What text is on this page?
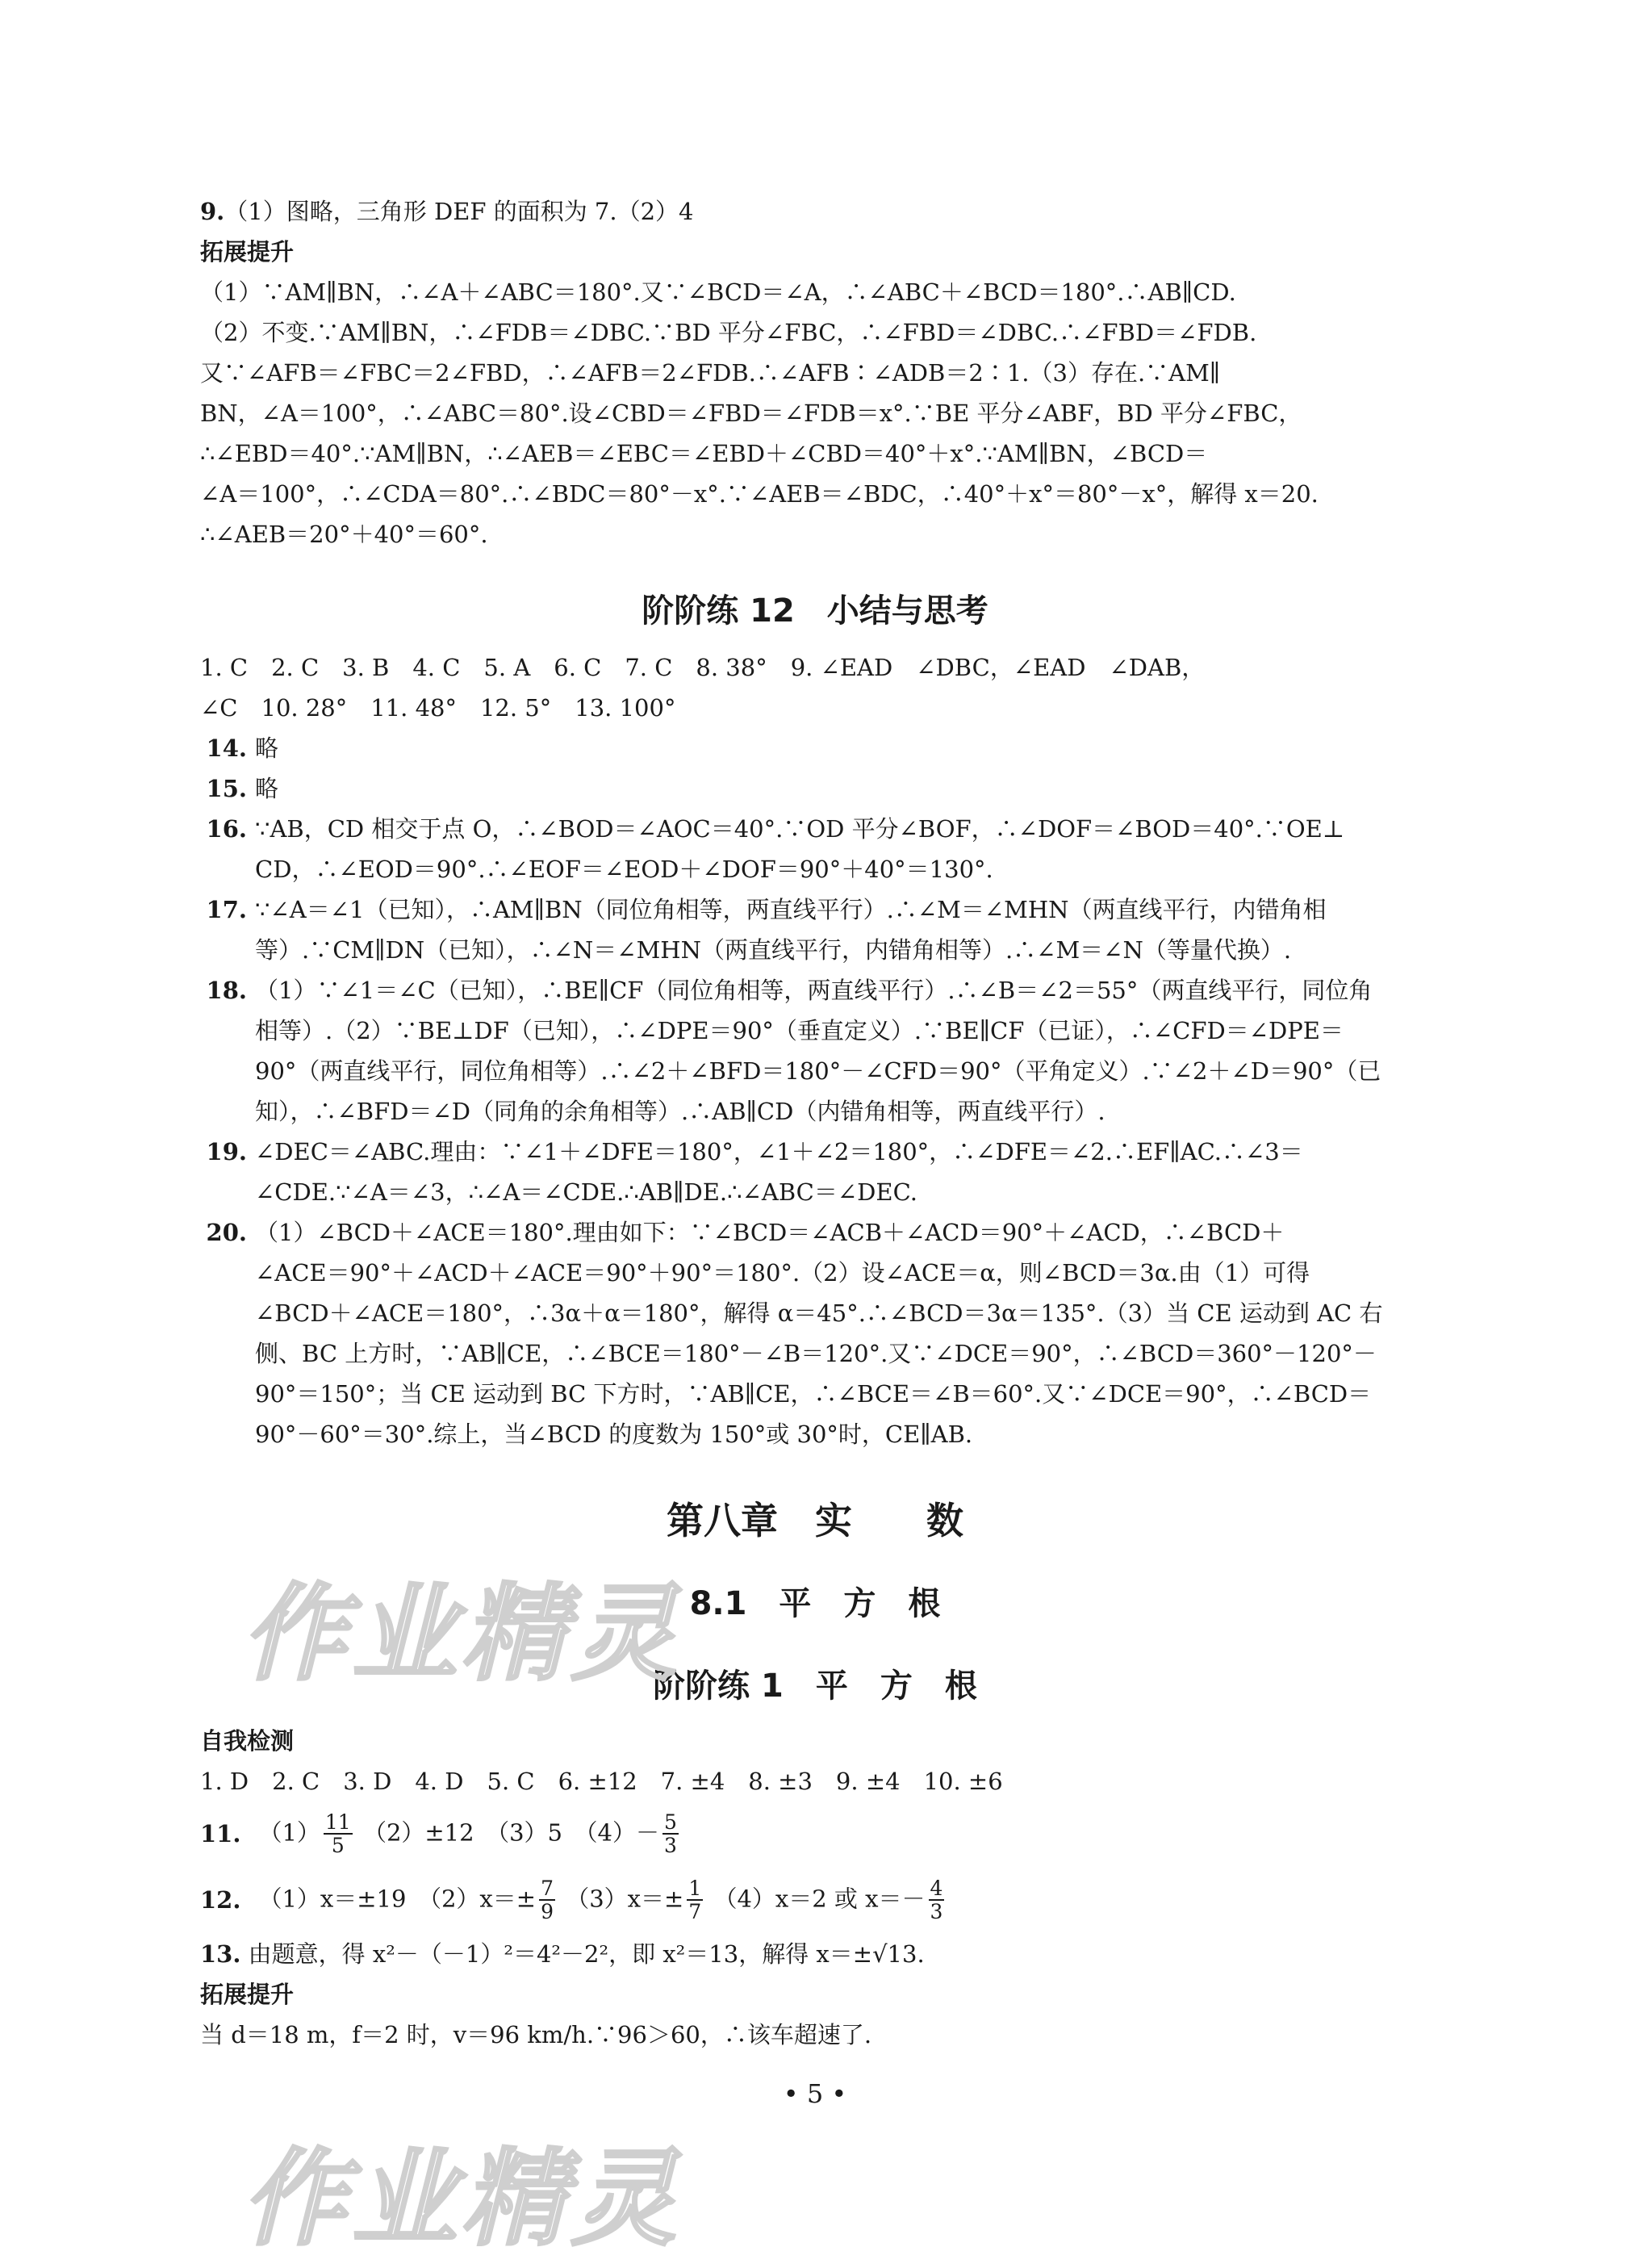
9.（1）图略，三角形 DEF 的面积为 7.（2）4
拓展提升
（1）∵AM∥BN，∴∠A＋∠ABC＝180°.又∵∠BCD＝∠A，∴∠ABC＋∠BCD＝180°.∴AB∥CD.
（2）不变.∵AM∥BN，∴∠FDB＝∠DBC.∵BD 平分∠FBC，∴∠FBD＝∠DBC.∴∠FBD＝∠FDB.
又∵∠AFB＝∠FBC＝2∠FBD，∴∠AFB＝2∠FDB.∴∠AFB∶∠ADB＝2∶1.（3）存在.∵AM∥
BN，∠A＝100°，∴∠ABC＝80°.设∠CBD＝∠FBD＝∠FDB＝x°.∵BE 平分∠ABF，BD 平分∠FBC，
∴∠EBD＝40°.∵AM∥BN，∴∠AEB＝∠EBC＝∠EBD＋∠CBD＝40°＋x°.∵AM∥BN，∠BCD＝
∠A＝100°，∴∠CDA＝80°.∴∠BDC＝80°－x°.∵∠AEB＝∠BDC，∴40°＋x°＝80°－x°，解得 x＝20.
∴∠AEB＝20°＋40°＝60°.
阶阶练 12　小结与思考
1. C　2. C　3. B　4. C　5. A　6. C　7. C　8. 38°　9. ∠EAD　∠DBC，∠EAD　∠DAB，
∠C　10. 28°　11. 48°　12. 5°　13. 100°
14. 略
15. 略
16. ∵AB，CD 相交于点 O，∴∠BOD＝∠AOC＝40°.∵OD 平分∠BOF，∴∠DOF＝∠BOD＝40°.∵OE⊥
CD，∴∠EOD＝90°.∴∠EOF＝∠EOD＋∠DOF＝90°＋40°＝130°.
17. ∵∠A＝∠1（已知），∴AM∥BN（同位角相等，两直线平行）.∴∠M＝∠MHN（两直线平行，内错角相
等）.∵CM∥DN（已知），∴∠N＝∠MHN（两直线平行，内错角相等）.∴∠M＝∠N（等量代换）.
18. （1）∵∠1＝∠C（已知），∴BE∥CF（同位角相等，两直线平行）.∴∠B＝∠2＝55°（两直线平行，同位角
相等）.（2）∵BE⊥DF（已知），∴∠DPE＝90°（垂直定义）.∵BE∥CF（已证），∴∠CFD＝∠DPE＝
90°（两直线平行，同位角相等）.∴∠2＋∠BFD＝180°－∠CFD＝90°（平角定义）.∵∠2＋∠D＝90°（已
知），∴∠BFD＝∠D（同角的余角相等）.∴AB∥CD（内错角相等，两直线平行）.
19. ∠DEC＝∠ABC.理由：∵∠1＋∠DFE＝180°，∠1＋∠2＝180°，∴∠DFE＝∠2.∴EF∥AC.∴∠3＝
∠CDE.∵∠A＝∠3，∴∠A＝∠CDE.∴AB∥DE.∴∠ABC＝∠DEC.
20. （1）∠BCD＋∠ACE＝180°.理由如下：∵∠BCD＝∠ACB＋∠ACD＝90°＋∠ACD，∴∠BCD＋
∠ACE＝90°＋∠ACD＋∠ACE＝90°＋90°＝180°.（2）设∠ACE＝α，则∠BCD＝3α.由（1）可得
∠BCD＋∠ACE＝180°，∴3α＋α＝180°，解得 α＝45°.∴∠BCD＝3α＝135°.（3）当 CE 运动到 AC 右
侧、BC 上方时，∵AB∥CE，∴∠BCE＝180°－∠B＝120°.又∵∠DCE＝90°，∴∠BCD＝360°－120°－
90°＝150°；当 CE 运动到 BC 下方时，∵AB∥CE，∴∠BCE＝∠B＝60°.又∵∠DCE＝90°，∴∠BCD＝
90°－60°＝30°.综上，当∠BCD 的度数为 150°或 30°时，CE∥AB.
第八章　实　　数
8.1　平　方　根
阶阶练 1　平　方　根
自我检测
1. D　2. C　3. D　4. D　5. C　6. ±12　7. ±4　8. ±3　9. ±4　10. ±6
11. $(1) \frac{11}{5} (2)\pm 12$　（3）5　$(4)- \frac{5}{3}$
12. （1）x＝±19　$(2)x=\pm \frac{7}{9} (3)x=\pm \frac{1}{7} (4)x=2$ 或 $x=- \frac{4}{3}$
13. 由题意，得 x²－（－1）²＝4²－2²，即 x²＝13，解得 x＝±√13.
拓展提升
当 d＝18 m，f＝2 时，v＝96 km/h.∵96＞60，∴该车超速了.
• 5 •
作业精灵
作业精灵
